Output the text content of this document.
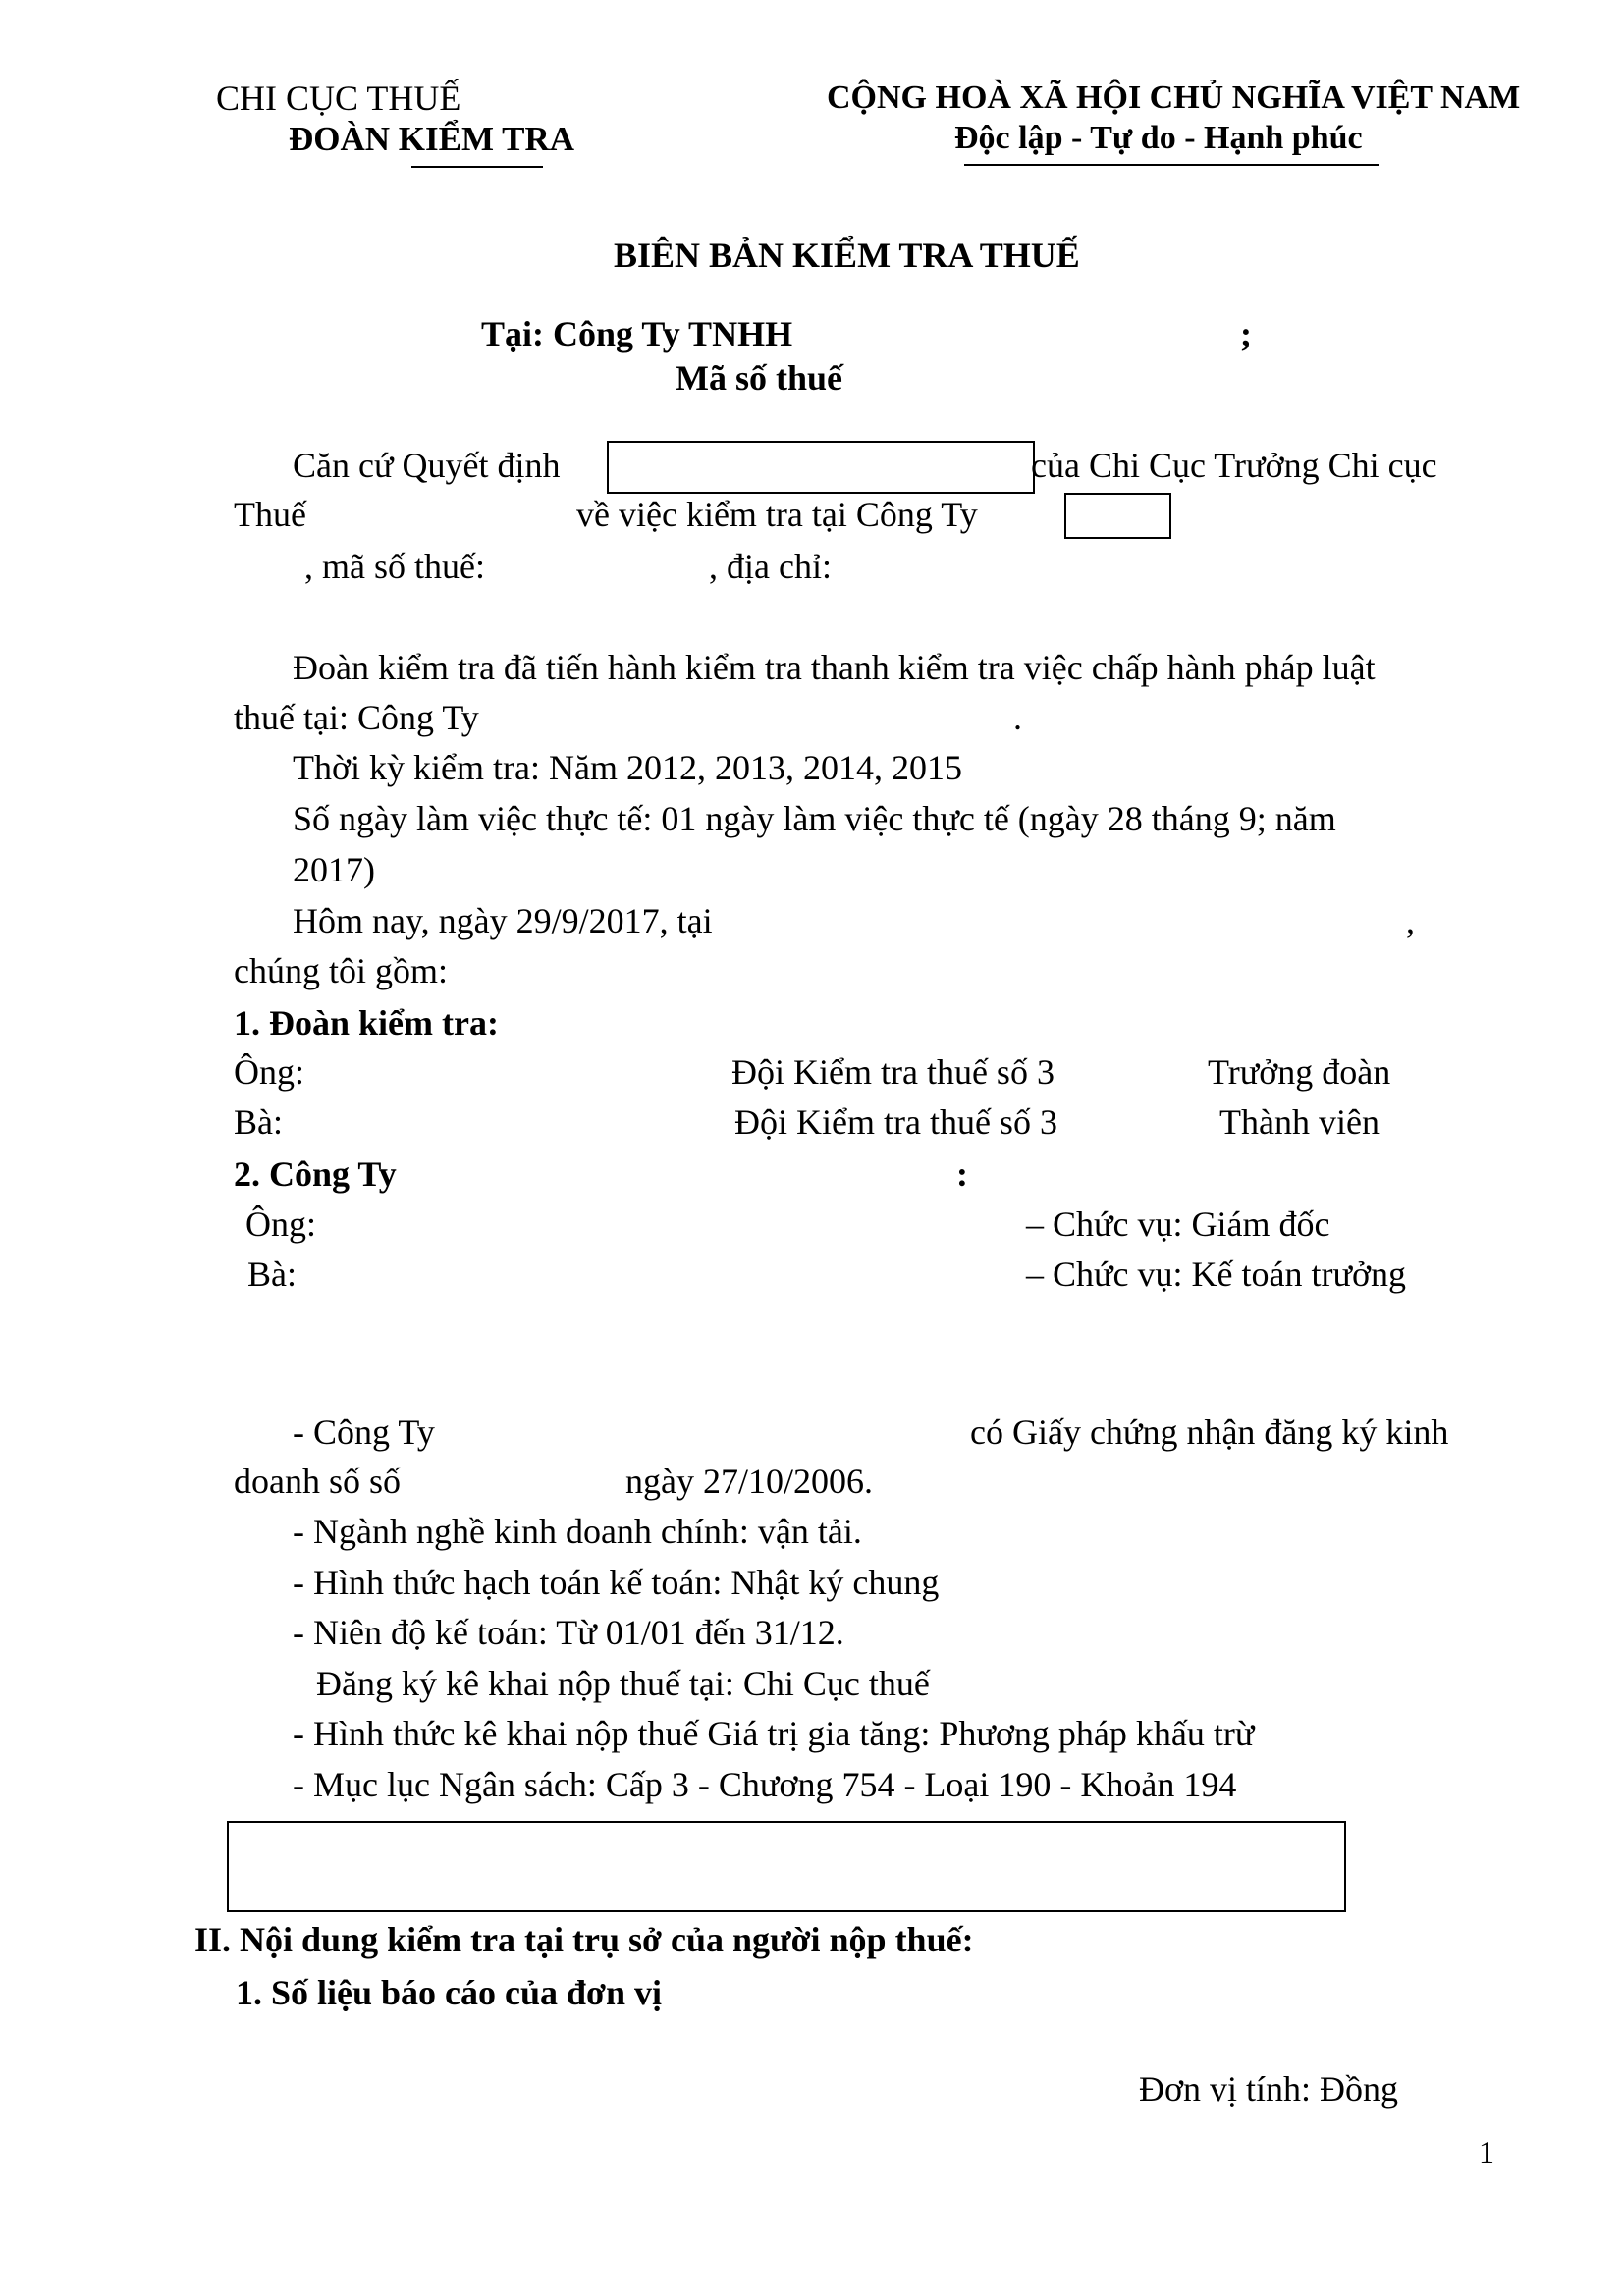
CHI CỤC THUẾ
ĐOÀN KIỂM TRA
CỘNG HOÀ XÃ HỘI CHỦ NGHĨA VIỆT NAM
Độc lập - Tự do - Hạnh phúc
BIÊN BẢN KIỂM TRA THUẾ
Tại: Công Ty TNHH	;
Mã số thuế
Căn cứ Quyết định	của Chi Cục Trưởng Chi cục
Thuế	về việc kiểm tra tại Công Ty
, mã số thuế:	, địa chỉ:
Đoàn kiểm tra đã tiến hành kiểm tra thanh kiểm tra việc chấp hành pháp luật
thuế tại: Công Ty	.
Thời kỳ kiểm tra: Năm 2012, 2013, 2014, 2015
Số ngày làm việc thực tế: 01 ngày làm việc thực tế (ngày 28 tháng 9; năm
2017)
Hôm nay, ngày 29/9/2017, tại	,
chúng tôi gồm:
1. Đoàn kiểm tra:
Ông:	Đội Kiểm tra thuế số 3	Trưởng đoàn
Bà:	Đội Kiểm tra thuế số 3	Thành viên
2. Công Ty	:
Ông:	– Chức vụ: Giám đốc
Bà:	– Chức vụ: Kế toán trưởng
- Công Ty	có Giấy chứng nhận đăng ký kinh
doanh số số	ngày 27/10/2006.
- Ngành nghề kinh doanh chính: vận tải.
- Hình thức hạch toán kế toán: Nhật ký chung
- Niên độ kế toán: Từ 01/01 đến 31/12.
Đăng ký kê khai nộp thuế tại: Chi Cục thuế
- Hình thức kê khai nộp thuế Giá trị gia tăng: Phương pháp khấu trừ
- Mục lục Ngân sách: Cấp 3 - Chương 754 - Loại 190 - Khoản 194
II. Nội dung kiểm tra tại trụ sở của người nộp thuế:
1. Số liệu báo cáo của đơn vị
Đơn vị tính: Đồng
1
